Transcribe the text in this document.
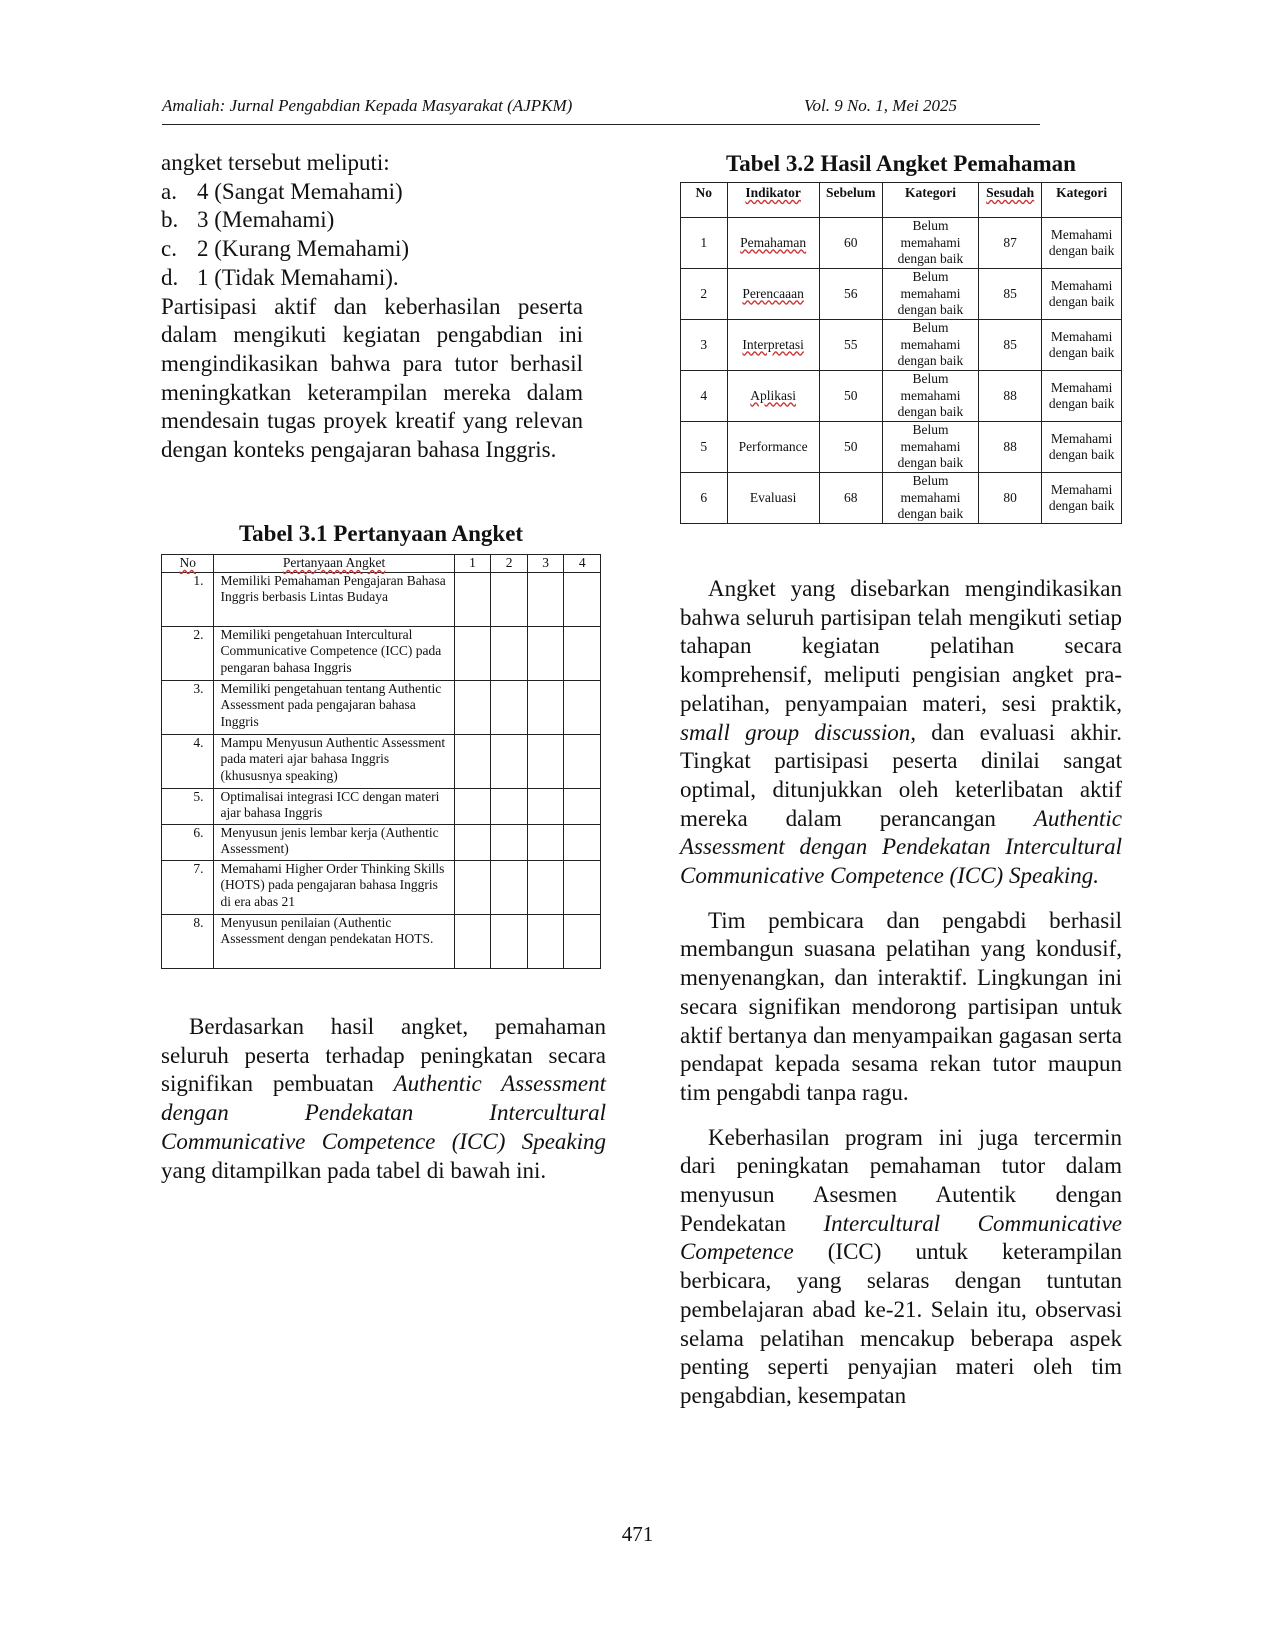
Amaliah: Jurnal Pengabdian Kepada Masyarakat (AJPKM)	Vol. 9 No. 1, Mei 2025

angket tersebut meliputi:

a. 4 (Sangat Memahami)
b. 3 (Memahami)
c. 2 (Kurang Memahami)
d. 1 (Tidak Memahami).

Partisipasi aktif dan keberhasilan peserta dalam mengikuti kegiatan pengabdian ini mengindikasikan bahwa para tutor berhasil meningkatkan keterampilan mereka dalam mendesain tugas proyek kreatif yang relevan dengan konteks pengajaran bahasa Inggris.

Tabel 3.1 Pertanyaan Angket
No	Pertanyaan Angket	1	2	3	4
1.	Memiliki Pemahaman Pengajaran Bahasa Inggris berbasis Lintas Budaya				
2.	Memiliki pengetahuan Intercultural Communicative Competence (ICC) pada pengaran bahasa Inggris				
3.	Memiliki pengetahuan tentang Authentic Assessment pada pengajaran bahasa Inggris				
4.	Mampu Menyusun Authentic Assessment pada materi ajar bahasa Inggris (khususnya speaking)				
5.	Optimalisai integrasi ICC dengan materi ajar bahasa Inggris				
6.	Menyusun jenis lembar kerja (Authentic Assessment)				
7.	Memahami Higher Order Thinking Skills (HOTS) pada pengajaran bahasa Inggris di era abas 21				
8.	Menyusun penilaian (Authentic Assessment dengan pendekatan HOTS.				
Berdasarkan hasil angket, pemahaman seluruh peserta terhadap peningkatan secara signifikan pembuatan Authentic Assessment dengan Pendekatan Intercultural Communicative Competence (ICC) Speaking yang ditampilkan pada tabel di bawah ini.
Tabel 3.2 Hasil Angket Pemahaman
No	Indikator	Sebelum	Kategori	Sesudah	Kategori
1	Pemahaman	60	Belum memahami dengan baik	87	Memahami dengan baik
2	Perencaaan	56	Belum memahami dengan baik	85	Memahami dengan baik
3	Interpretasi	55	Belum memahami dengan baik	85	Memahami dengan baik
4	Aplikasi	50	Belum memahami dengan baik	88	Memahami dengan baik
5	Performance	50	Belum memahami dengan baik	88	Memahami dengan baik
6	Evaluasi	68	Belum memahami dengan baik	80	Memahami dengan baik

Angket yang disebarkan mengindikasikan bahwa seluruh partisipan telah mengikuti setiap tahapan kegiatan pelatihan secara komprehensif, meliputi pengisian angket pra-pelatihan, penyampaian materi, sesi praktik, small group discussion, dan evaluasi akhir. Tingkat partisipasi peserta dinilai sangat optimal, ditunjukkan oleh keterlibatan aktif mereka dalam perancangan Authentic Assessment dengan Pendekatan Intercultural Communicative Competence (ICC) Speaking.

Tim pembicara dan pengabdi berhasil membangun suasana pelatihan yang kondusif, menyenangkan, dan interaktif. Lingkungan ini secara signifikan mendorong partisipan untuk aktif bertanya dan menyampaikan gagasan serta pendapat kepada sesama rekan tutor maupun tim pengabdi tanpa ragu.

Keberhasilan program ini juga tercermin dari peningkatan pemahaman tutor dalam menyusun Asesmen Autentik dengan Pendekatan Intercultural Communicative Competence (ICC) untuk keterampilan berbicara, yang selaras dengan tuntutan pembelajaran abad ke-21. Selain itu, observasi selama pelatihan mencakup beberapa aspek penting seperti penyajian materi oleh tim pengabdian, kesempatan

471
